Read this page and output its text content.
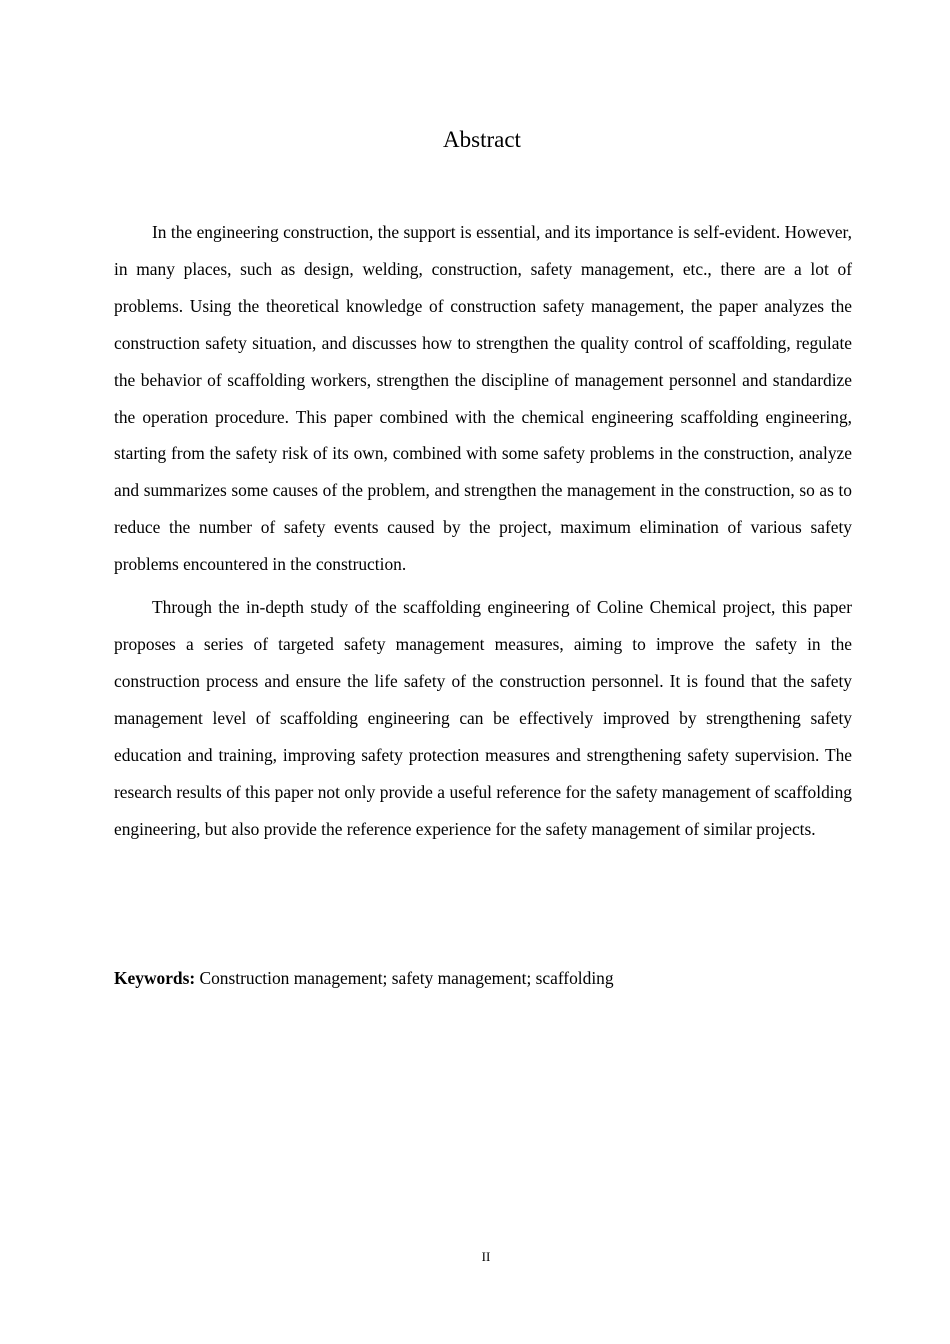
Abstract

In the engineering construction, the support is essential, and its importance is self-evident. However, in many places, such as design, welding, construction, safety management, etc., there are a lot of problems. Using the theoretical knowledge of construction safety management, the paper analyzes the construction safety situation, and discusses how to strengthen the quality control of scaffolding, regulate the behavior of scaffolding workers, strengthen the discipline of management personnel and standardize the operation procedure. This paper combined with the chemical engineering scaffolding engineering, starting from the safety risk of its own, combined with some safety problems in the construction, analyze and summarizes some causes of the problem, and strengthen the management in the construction, so as to reduce the number of safety events caused by the project, maximum elimination of various safety problems encountered in the construction.

Through the in-depth study of the scaffolding engineering of Coline Chemical project, this paper proposes a series of targeted safety management measures, aiming to improve the safety in the construction process and ensure the life safety of the construction personnel. It is found that the safety management level of scaffolding engineering can be effectively improved by strengthening safety education and training, improving safety protection measures and strengthening safety supervision. The research results of this paper not only provide a useful reference for the safety management of scaffolding engineering, but also provide the reference experience for the safety management of similar projects.

Keywords: Construction management; safety management; scaffolding

II
